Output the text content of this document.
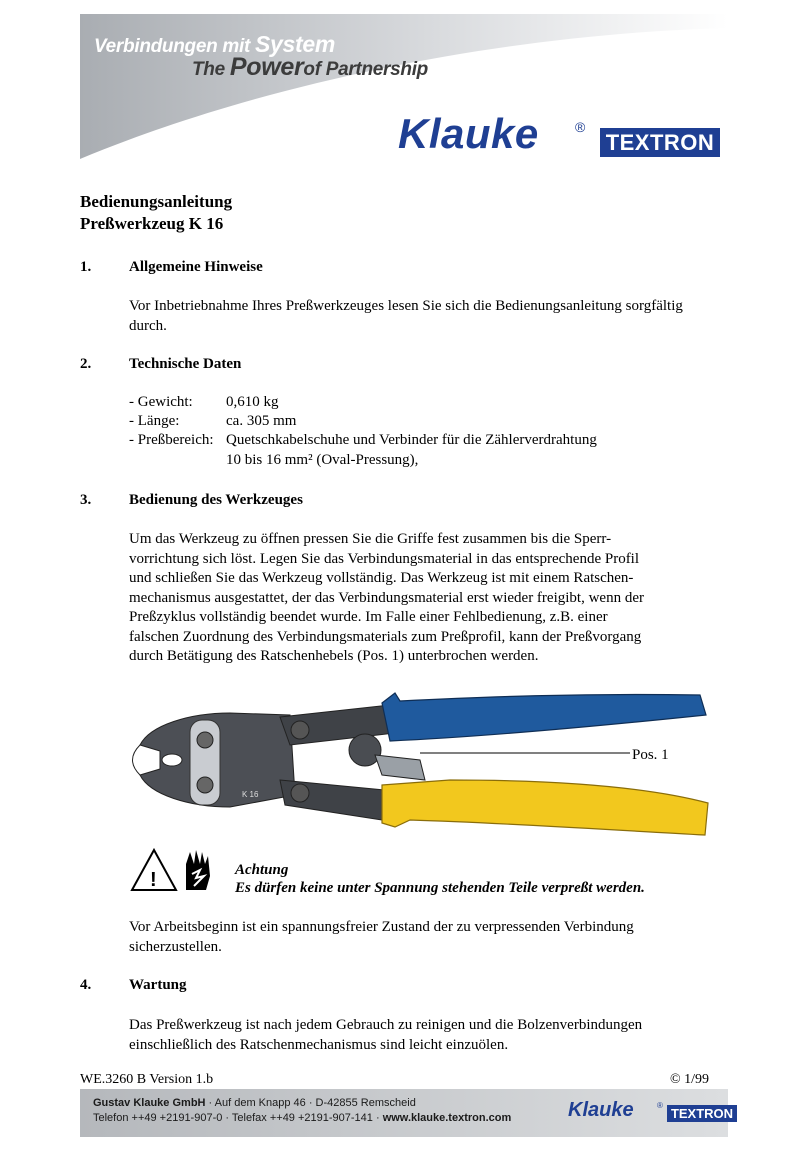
Verbindungen mit System
The Powerof Partnership
Klauke	®
TEXTRON
Bedienungsanleitung
Preßwerkzeug K 16
1.	Allgemeine Hinweise
Vor Inbetriebnahme Ihres Preßwerkzeuges lesen Sie sich die Bedienungsanleitung sorgfältig durch.
2.	Technische Daten
- Gewicht: 0,610 kg
- Länge:	ca. 305 mm
- Preßbereich: Quetschkabelschuhe und Verbinder für die Zählerverdrahtung
10 bis 16 mm² (Oval-Pressung),
3.	Bedienung des Werkzeuges
Um das Werkzeug zu öffnen pressen Sie die Griffe fest zusammen bis die Sperr-
vorrichtung sich löst. Legen Sie das Verbindungsmaterial in das entsprechende Profil
und schließen Sie das Werkzeug vollständig. Das Werkzeug ist mit einem Ratschen-
mechanismus ausgestattet, der das Verbindungsmaterial erst wieder freigibt, wenn der
Preßzyklus vollständig beendet wurde. Im Falle einer Fehlbedienung, z.B. einer
falschen Zuordnung des Verbindungsmaterials zum Preßprofil, kann der Preßvorgang
durch Betätigung des Ratschenhebels (Pos. 1) unterbrochen werden.
K 16
Pos. 1
!	Achtung
Es dürfen keine unter Spannung stehenden Teile verpreßt werden.
Vor Arbeitsbeginn ist ein spannungsfreier Zustand der zu verpressenden Verbindung
sicherzustellen.
4.	Wartung
Das Preßwerkzeug ist nach jedem Gebrauch zu reinigen und die Bolzenverbindungen
einschließlich des Ratschenmechanismus sind leicht einzuölen.
WE.3260 B Version 1.b	© 1/99
Gustav Klauke GmbH · Auf dem Knapp 46 · D-42855 Remscheid
Telefon ++49 +2191-907-0 · Telefax ++49 +2191-907-141 · www.klauke.textron.com	Klauke	®
TEXTRON
